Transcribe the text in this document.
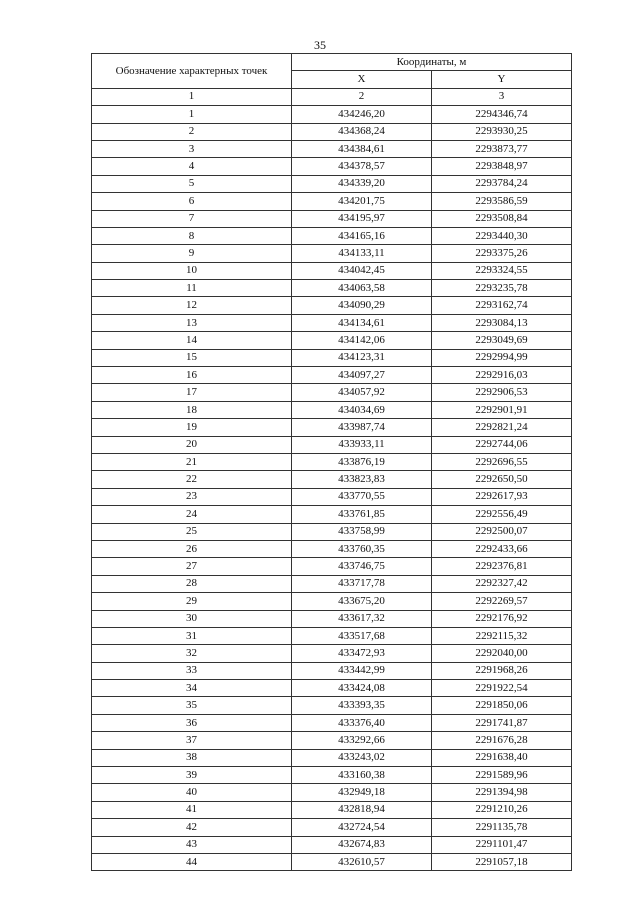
35
Обозначение характерных точек	Координаты, м	
	X	Y
1	2	3
1	434246,20	2294346,74
2	434368,24	2293930,25
3	434384,61	2293873,77
4	434378,57	2293848,97
5	434339,20	2293784,24
6	434201,75	2293586,59
7	434195,97	2293508,84
8	434165,16	2293440,30
9	434133,11	2293375,26
10	434042,45	2293324,55
11	434063,58	2293235,78
12	434090,29	2293162,74
13	434134,61	2293084,13
14	434142,06	2293049,69
15	434123,31	2292994,99
16	434097,27	2292916,03
17	434057,92	2292906,53
18	434034,69	2292901,91
19	433987,74	2292821,24
20	433933,11	2292744,06
21	433876,19	2292696,55
22	433823,83	2292650,50
23	433770,55	2292617,93
24	433761,85	2292556,49
25	433758,99	2292500,07
26	433760,35	2292433,66
27	433746,75	2292376,81
28	433717,78	2292327,42
29	433675,20	2292269,57
30	433617,32	2292176,92
31	433517,68	2292115,32
32	433472,93	2292040,00
33	433442,99	2291968,26
34	433424,08	2291922,54
35	433393,35	2291850,06
36	433376,40	2291741,87
37	433292,66	2291676,28
38	433243,02	2291638,40
39	433160,38	2291589,96
40	432949,18	2291394,98
41	432818,94	2291210,26
42	432724,54	2291135,78
43	432674,83	2291101,47
44	432610,57	2291057,18
